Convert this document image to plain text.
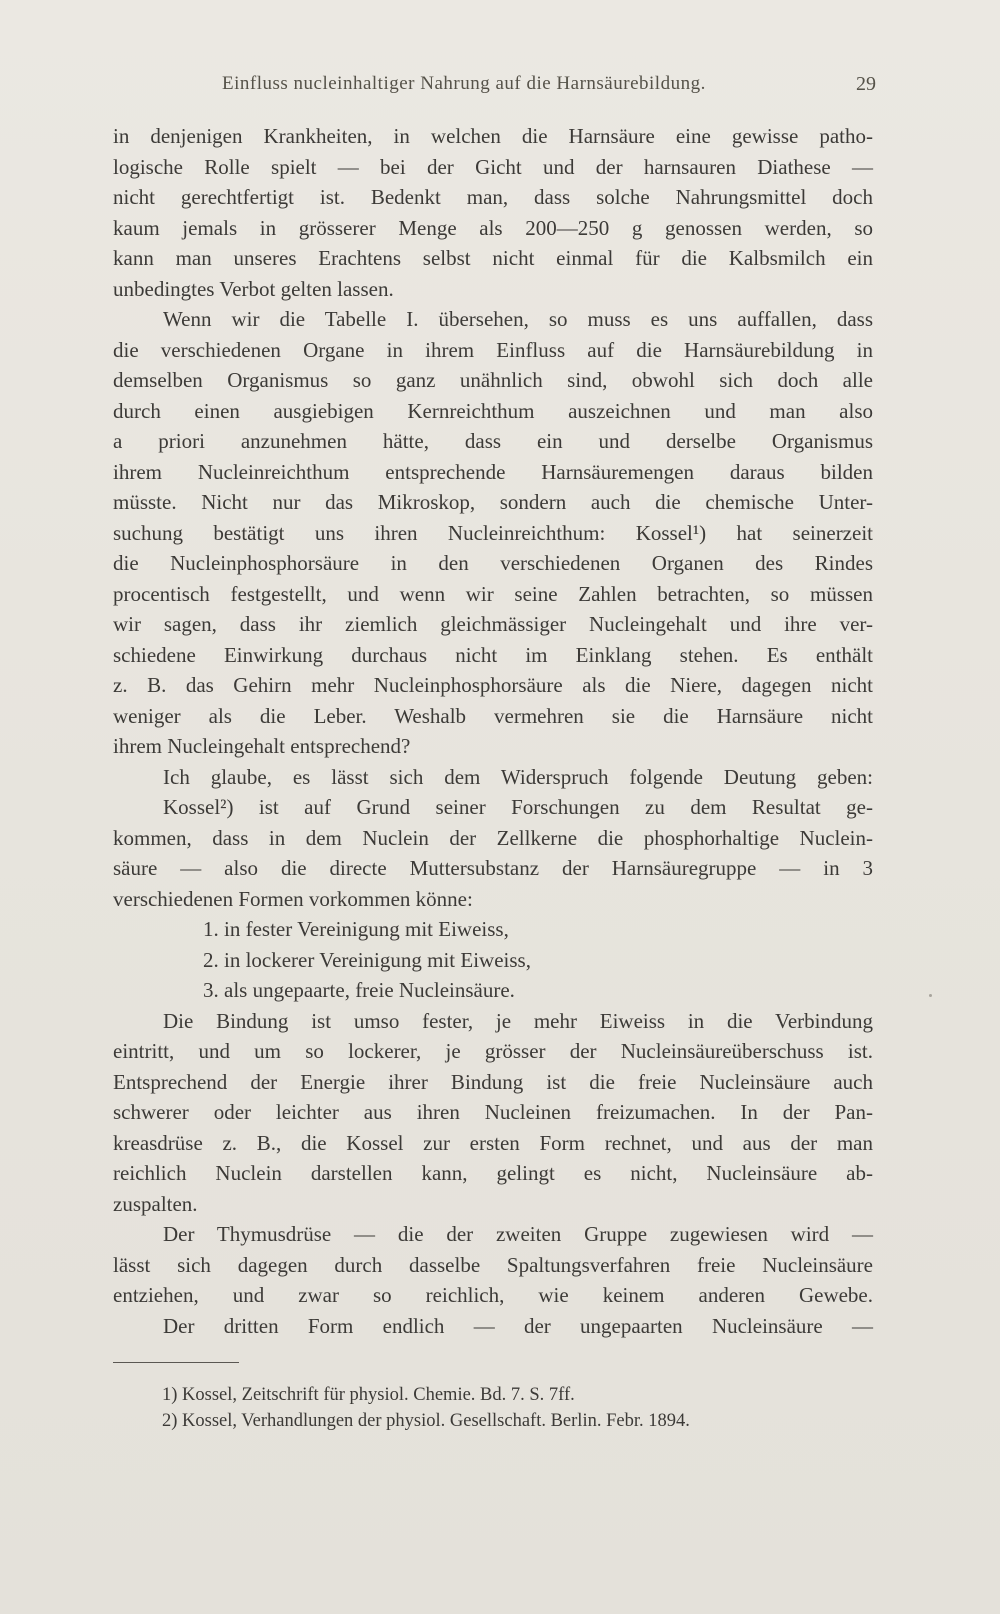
Einfluss nucleinhaltiger Nahrung auf die Harnsäurebildung.	29
in denjenigen Krankheiten, in welchen die Harnsäure eine gewisse patho-
logische Rolle spielt — bei der Gicht und der harnsauren Diathese —
nicht gerechtfertigt ist. Bedenkt man, dass solche Nahrungsmittel doch
kaum jemals in grösserer Menge als 200—250 g genossen werden, so
kann man unseres Erachtens selbst nicht einmal für die Kalbsmilch ein
unbedingtes Verbot gelten lassen.
Wenn wir die Tabelle I. übersehen, so muss es uns auffallen, dass
die verschiedenen Organe in ihrem Einfluss auf die Harnsäurebildung in
demselben Organismus so ganz unähnlich sind, obwohl sich doch alle
durch einen ausgiebigen Kernreichthum auszeichnen und man also
a priori anzunehmen hätte, dass ein und derselbe Organismus
ihrem Nucleinreichthum entsprechende Harnsäuremengen daraus bilden
müsste. Nicht nur das Mikroskop, sondern auch die chemische Unter-
suchung bestätigt uns ihren Nucleinreichthum: Kossel¹) hat seinerzeit
die Nucleinphosphorsäure in den verschiedenen Organen des Rindes
procentisch festgestellt, und wenn wir seine Zahlen betrachten, so müssen
wir sagen, dass ihr ziemlich gleichmässiger Nucleingehalt und ihre ver-
schiedene Einwirkung durchaus nicht im Einklang stehen. Es enthält
z. B. das Gehirn mehr Nucleinphosphorsäure als die Niere, dagegen nicht
weniger als die Leber. Weshalb vermehren sie die Harnsäure nicht
ihrem Nucleingehalt entsprechend?
Ich glaube, es lässt sich dem Widerspruch folgende Deutung geben:
Kossel²) ist auf Grund seiner Forschungen zu dem Resultat ge-
kommen, dass in dem Nuclein der Zellkerne die phosphorhaltige Nuclein-
säure — also die directe Muttersubstanz der Harnsäuregruppe — in 3
verschiedenen Formen vorkommen könne:
1. in fester Vereinigung mit Eiweiss,
2. in lockerer Vereinigung mit Eiweiss,
3. als ungepaarte, freie Nucleinsäure.
Die Bindung ist umso fester, je mehr Eiweiss in die Verbindung
eintritt, und um so lockerer, je grösser der Nucleinsäureüberschuss ist.
Entsprechend der Energie ihrer Bindung ist die freie Nucleinsäure auch
schwerer oder leichter aus ihren Nucleinen freizumachen. In der Pan-
kreasdrüse z. B., die Kossel zur ersten Form rechnet, und aus der man
reichlich Nuclein darstellen kann, gelingt es nicht, Nucleinsäure ab-
zuspalten.
Der Thymusdrüse — die der zweiten Gruppe zugewiesen wird —
lässt sich dagegen durch dasselbe Spaltungsverfahren freie Nucleinsäure
entziehen, und zwar so reichlich, wie keinem anderen Gewebe.
Der dritten Form endlich — der ungepaarten Nucleinsäure —
1) Kossel, Zeitschrift für physiol. Chemie. Bd. 7. S. 7ff.
2) Kossel, Verhandlungen der physiol. Gesellschaft. Berlin. Febr. 1894.
